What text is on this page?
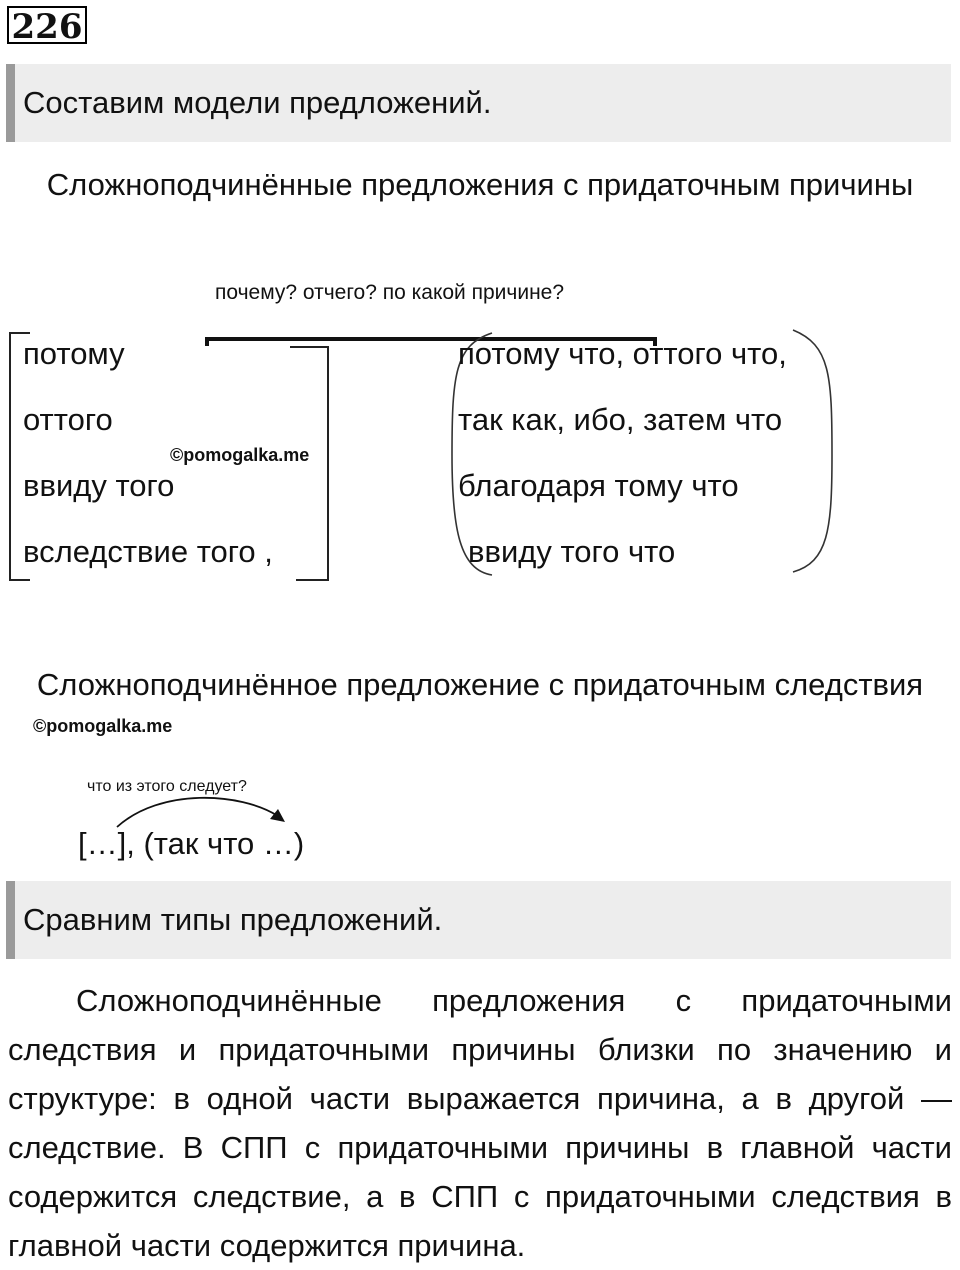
226
Составим модели предложений.
Сложноподчинённые предложения с придаточным причины
почему? отчего? по какой причине?
потому
оттого
ввиду того
вследствие того ,
©pomogalka.me
потому что, оттого что,
так как, ибо, затем что
благодаря тому что
ввиду того что
Сложноподчинённое предложение с придаточным следствия
©pomogalka.me
что из этого следует?
[…], (так что …)
Сравним типы предложений.

Сложноподчинённые предложения с придаточными следствия и придаточными причины близки по значению и структуре: в одной части выражается причина, а в другой — следствие. В СПП с придаточными причины в главной части содержится следствие, а в СПП с придаточными следствия в главной части содержится причина.
